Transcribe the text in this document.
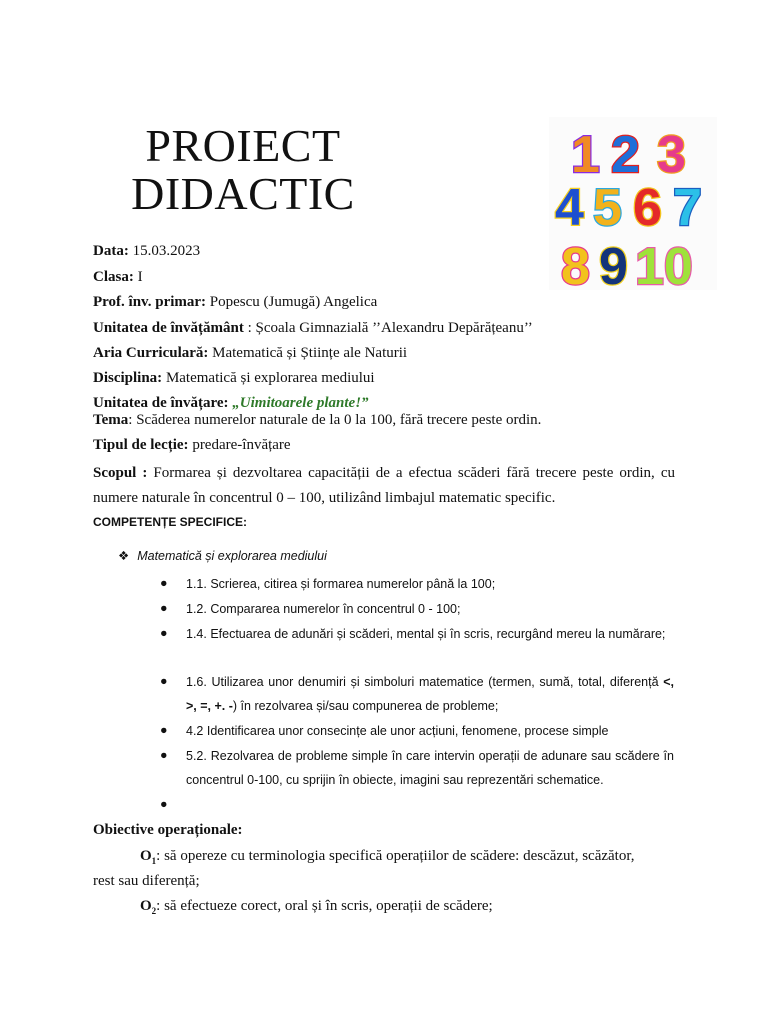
PROIECT
DIDACTIC
1 2 3
4 5 6 7
8 9 10
Data: 15.03.2023
Clasa: I
Prof. înv. primar: Popescu (Jumugă) Angelica
Unitatea de învățământ : Școala Gimnazială ’’Alexandru Depărățeanu’’
Aria Curriculară: Matematică și Științe ale Naturii
Disciplina: Matematică și explorarea mediului
Unitatea de învățare: „Uimitoarele plante!”
Tema: Scăderea numerelor naturale de la 0 la 100, fără trecere peste ordin.
Tipul de lecție: predare-învățare
Scopul : Formarea și dezvoltarea capacității de a efectua scăderi fără trecere peste ordin, cu numere naturale în concentrul 0 – 100, utilizând limbajul matematic specific.
COMPETENȚE SPECIFICE:
❖ Matematică și explorarea mediului
● 1.1. Scrierea, citirea și formarea numerelor până la 100;
● 1.2. Compararea numerelor în concentrul 0 - 100;
● 1.4. Efectuarea de adunări și scăderi, mental și în scris, recurgând mereu la numărare;
● 1.6. Utilizarea unor denumiri și simboluri matematice (termen, sumă, total, diferență <, >, =, +. -) în rezolvarea și/sau compunerea de probleme;
● 4.2 Identificarea unor consecințe ale unor acțiuni, fenomene, procese simple
● 5.2. Rezolvarea de probleme simple în care intervin operații de adunare sau scădere în concentrul 0-100, cu sprijin în obiecte, imagini sau reprezentări schematice.
●
Obiective operaționale:
$O_1$: să opereze cu terminologia specifică operațiilor de scădere: descăzut, scăzător,
rest sau diferență;
$O_2$: să efectueze corect, oral și în scris, operații de scădere;
